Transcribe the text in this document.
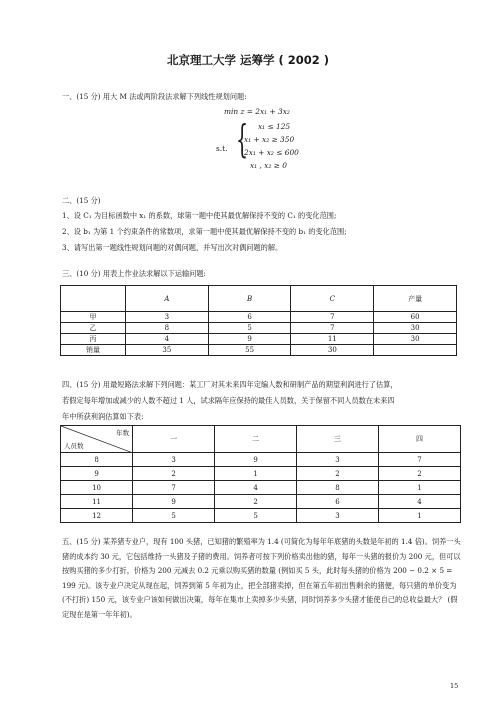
北京理工大学 运筹学 ( 2002 )
一、(15 分) 用大 M 法或两阶段法求解下列线性规划问题:
min z = 2x₁ + 3x₂
s.t. { x₁ ≤ 125
x₁ + x₂ ≥ 350
2x₁ + x₂ ≤ 600
x₁ , x₂ ≥ 0
二、(15 分)
1、设 C₁ 为目标函数中 x₁ 的系数，球第一题中使其最优解保持不变的 C₁ 的变化范围;
2、设 b₁ 为第 1 个约束条件的常数项，求第一题中使其最优解保持不变的 b₁ 的变化范围;
3、请写出第一题线性规划问题的对偶问题，并写出次对偶问题的解。
三、(10 分) 用表上作业法求解以下运输问题:
	A	B	C	产量
甲	3	6	7	60
乙	8	5	7	30
丙	4	9	11	30
销量	35	55	30	
四、(15 分) 用最短路法求解下列问题：某工厂对其未来四年定编人数和研制产品的期望利润进行了估算，
若假定每年增加或减少的人数不超过 1 人，试求隔年应保持的最佳人员数，关于保留不同人员数在未来四
年中所获利润估算如下表:
年数
人员数	一	二	三	四
8	3	9	3	7
9	2	1	2	2
10	7	4	8	1
11	9	2	6	4
12	5	5	3	1
五、(15 分) 某养猪专业户，现有 100 头猪，已知猪的繁殖率为 1.4 (可简化为每年年底猪的头数是年初的 1.4 倍)。饲养一头猪的成本约 30 元，它包括维持一头猪及子猪的费用。饲养者可按下列价格卖出他的猪，每年一头猪的报价为 200 元，但可以按购买猪的多少打折，价格为 200 元减去 0.2 元乘以购买猪的数量 (例如买 5 头，此时每头猪的价格为 200 − 0.2 × 5 = 199 元)。该专业户决定从现在起，饲养到第 5 年初为止，把全部猪卖掉，但在第五年初出售剩余的猪便，每只猪的单价变为 (不打折) 150 元，该专业户该如何做出决策，每年在集市上卖掉多少头猪，同时饲养多少头猪才能使自己的总收益最大？ (假定现在是第一年年初)。
15
